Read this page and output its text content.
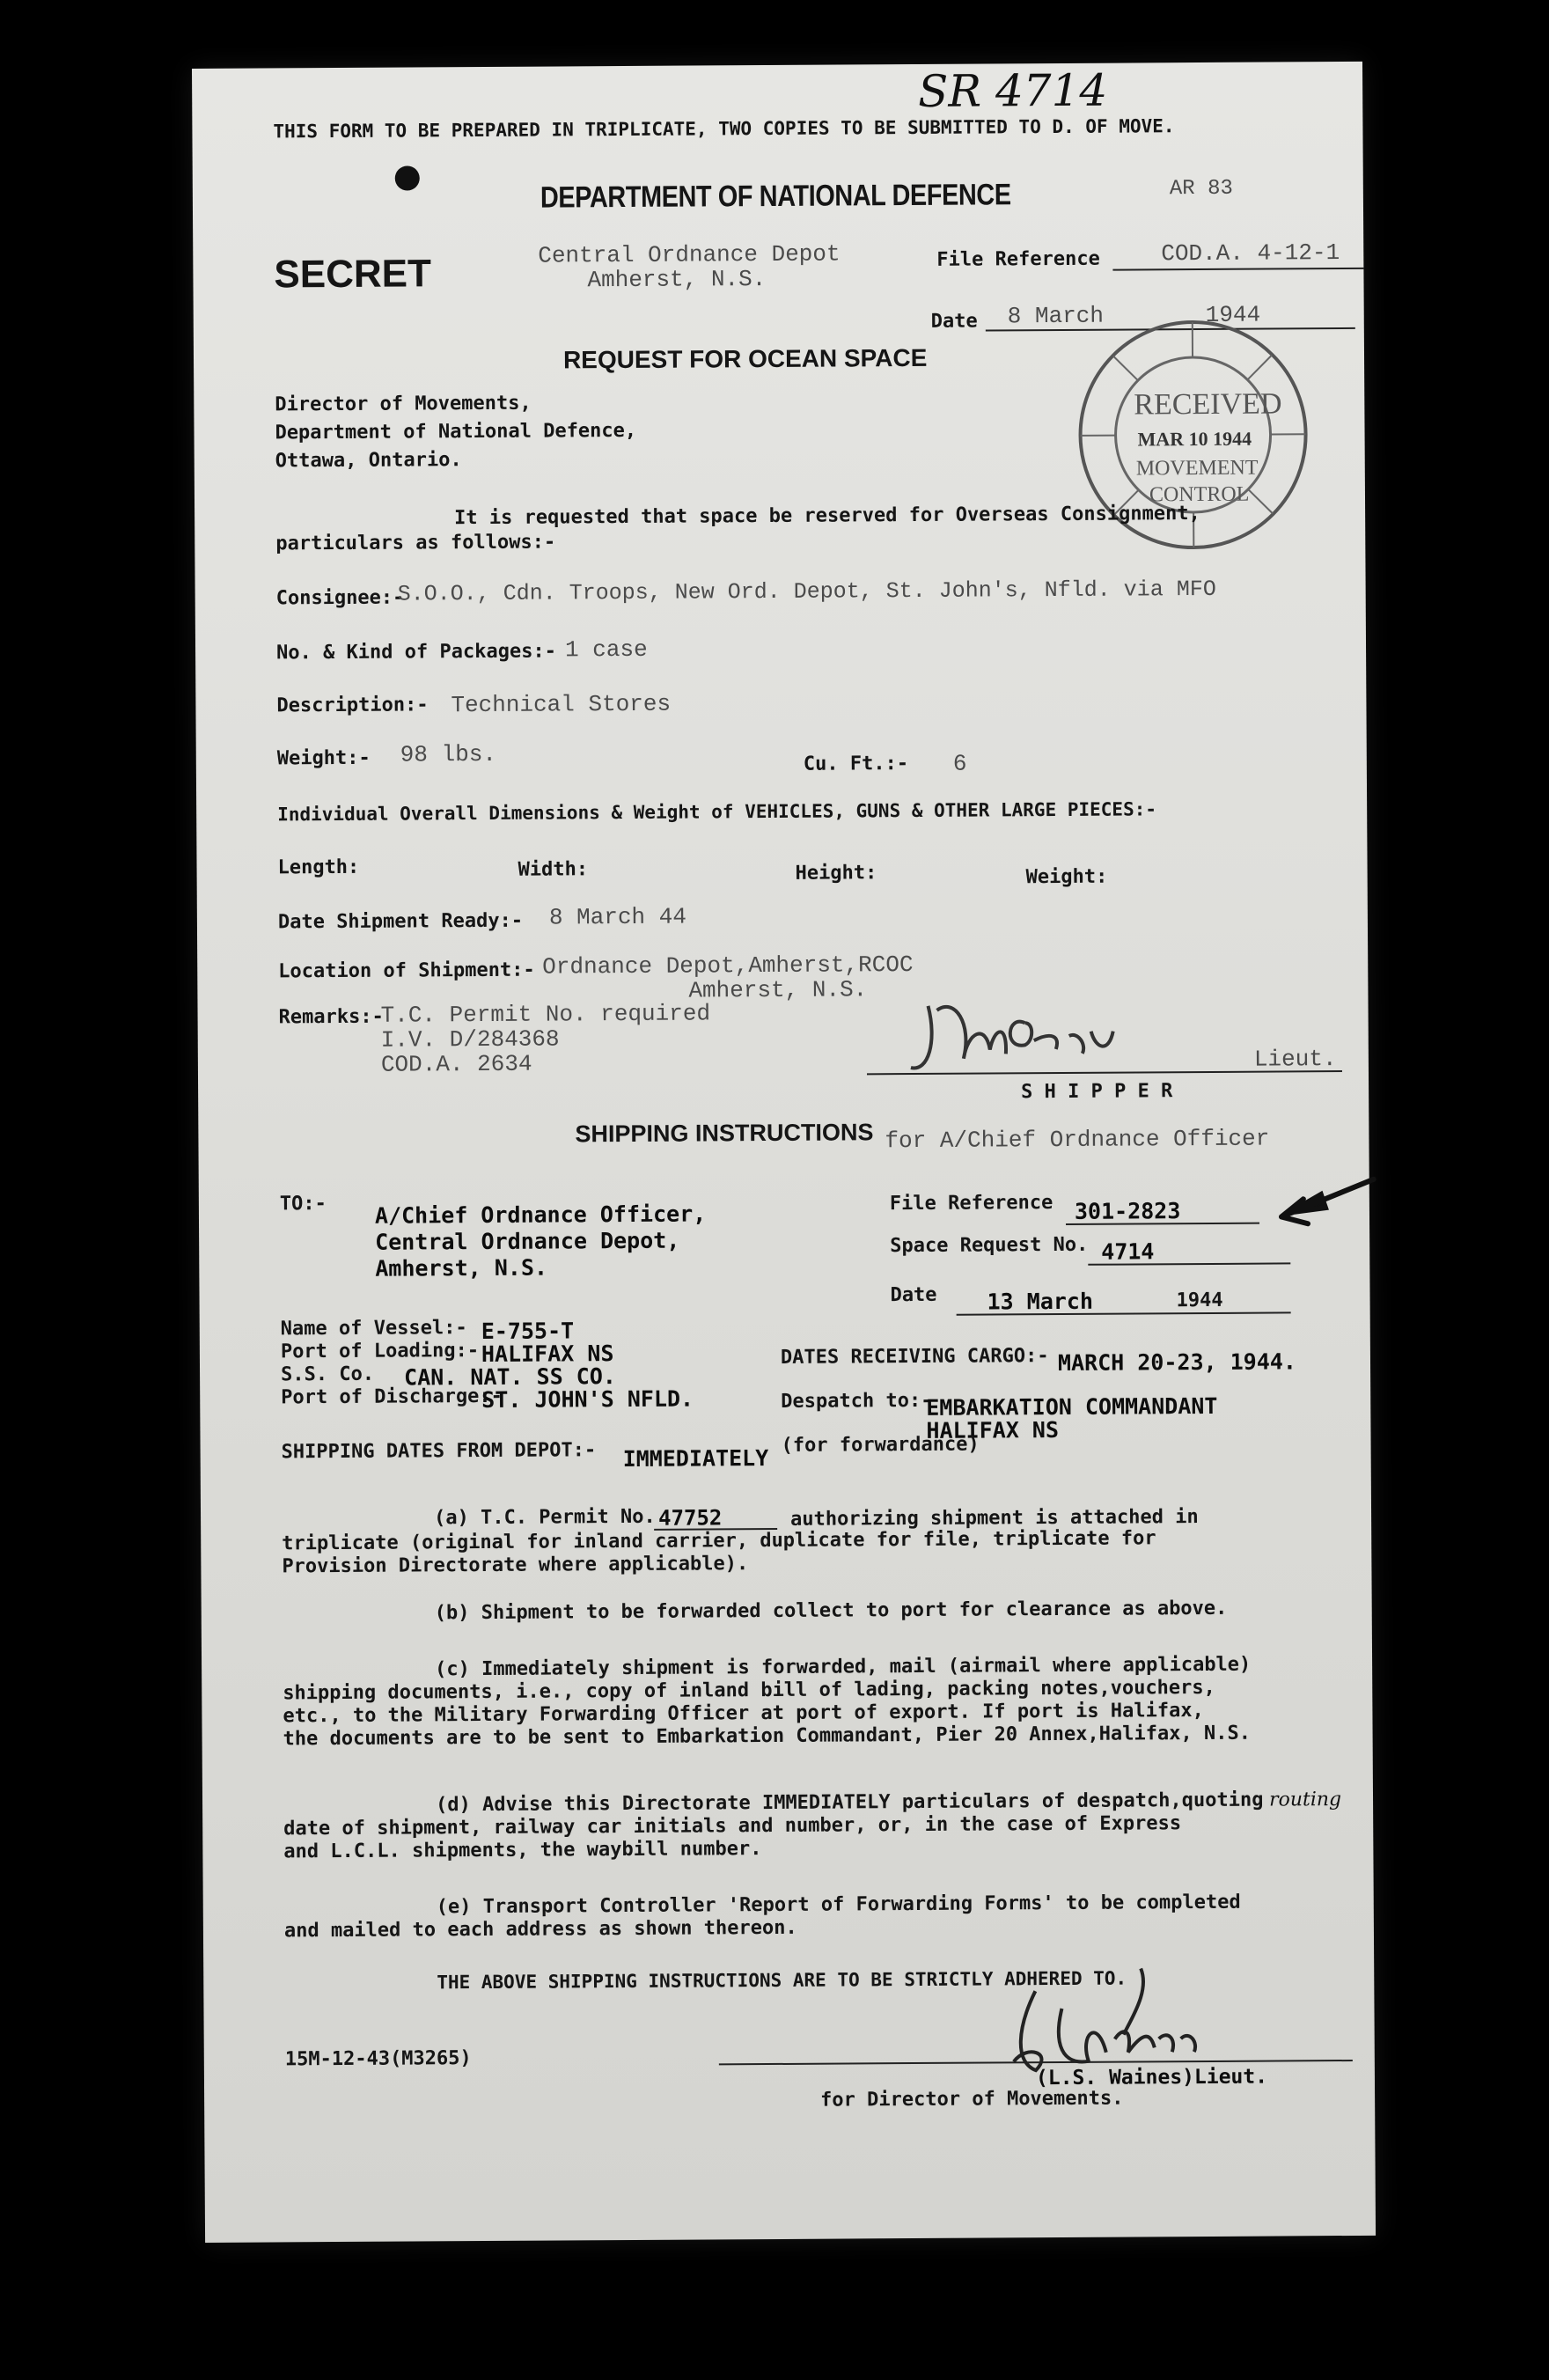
SR 4714
THIS FORM TO BE PREPARED IN TRIPLICATE, TWO COPIES TO BE SUBMITTED TO D. OF MOVE.
AR 83
DEPARTMENT OF NATIONAL DEFENCE
SECRET	Central Ordnance Depot
Amherst, N.S.
File Reference	COD.A. 4-12-1
Date 8 March	1944
RECEIVED
MAR 10 1944
MOVEMENT
CONTROL
REQUEST FOR OCEAN SPACE
Director of Movements,
Department of National Defence,
Ottawa, Ontario.
It is requested that space be reserved for Overseas Consignment,
particulars as follows:-
Consignee:-
S.O.O., Cdn. Troops, New Ord. Depot, St. John's, Nfld. via MFO
No. & Kind of Packages:- 1 case
Description:- Technical Stores
Weight:- 98 lbs.	Cu. Ft.:- 6
Individual Overall Dimensions & Weight of VEHICLES, GUNS & OTHER LARGE PIECES:-
Length:	Width:	Height:	Weight:
Date Shipment Ready:- 8 March 44
Location of Shipment:- Ordnance Depot,Amherst,RCOC
Amherst, N.S.
Remarks:-
T.C. Permit No. required
I.V. D/284368
COD.A. 2634	Lieut.
S H I P P E R
for A/Chief Ordnance Officer
SHIPPING INSTRUCTIONS
TO:- A/Chief Ordnance Officer,
Central Ordnance Depot,
Amherst, N.S.
File Reference 301-2823
Space Request No. 4714
Date 13 March	1944
Name of Vessel:- E-755-T
Port of Loading:- HALIFAX NS
S.S. Co. CAN. NAT. SS CO.
Port of Discharge:-
ST. JOHN'S NFLD.
DATES RECEIVING CARGO:- MARCH 20-23, 1944.
Despatch to:-
EMBARKATION COMMANDANT
HALIFAX NS
(for forwardance)
SHIPPING DATES FROM DEPOT:- IMMEDIATELY
(a) T.C. Permit No. 47752	authorizing shipment is attached in
triplicate (original for inland carrier, duplicate for file, triplicate for
Provision Directorate where applicable).
(b) Shipment to be forwarded collect to port for clearance as above.
(c) Immediately shipment is forwarded, mail (airmail where applicable)
shipping documents, i.e., copy of inland bill of lading, packing notes,vouchers,
etc., to the Military Forwarding Officer at port of export. If port is Halifax,
the documents are to be sent to Embarkation Commandant, Pier 20 Annex,Halifax, N.S.
(d) Advise this Directorate IMMEDIATELY particulars of despatch,quoting routing
date of shipment, railway car initials and number, or, in the case of Express
and L.C.L. shipments, the waybill number.
(e) Transport Controller 'Report of Forwarding Forms' to be completed
and mailed to each address as shown thereon.
THE ABOVE SHIPPING INSTRUCTIONS ARE TO BE STRICTLY ADHERED TO.
15M-12-43(M3265)
(L.S. Waines)Lieut.
for Director of Movements.
